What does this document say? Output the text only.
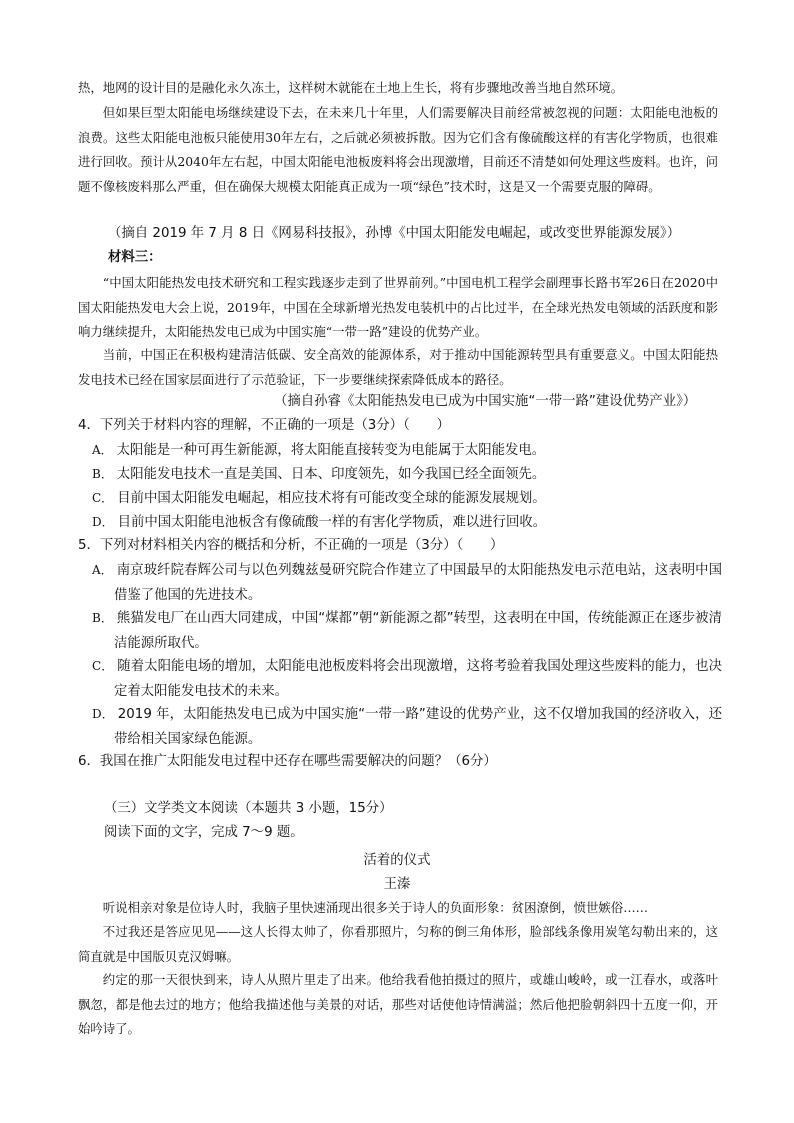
热，地网的设计目的是融化永久冻土，这样树木就能在土地上生长，将有步骤地改善当地自然环境。

但如果巨型太阳能电场继续建设下去，在未来几十年里，人们需要解决目前经常被忽视的问题：太阳能电池板的浪费。这些太阳能电池板只能使用30年左右，之后就必须被拆散。因为它们含有像硫酸这样的有害化学物质，也很难进行回收。预计从2040年左右起，中国太阳能电池板废料将会出现激增，目前还不清楚如何处理这些废料。也许，问题不像核废料那么严重，但在确保大规模太阳能真正成为一项“绿色”技术时，这是又一个需要克服的障碍。

（摘自 2019 年 7 月 8 日《网易科技报》，孙博《中国太阳能发电崛起，或改变世界能源发展》）

材料三：

“中国太阳能热发电技术研究和工程实践逐步走到了世界前列。”中国电机工程学会副理事长路书军26日在2020中国太阳能热发电大会上说，2019年，中国在全球新增光热发电装机中的占比过半，在全球光热发电领域的活跃度和影响力继续提升，太阳能热发电已成为中国实施“一带一路”建设的优势产业。

当前，中国正在积极构建清洁低碳、安全高效的能源体系，对于推动中国能源转型具有重要意义。中国太阳能热发电技术已经在国家层面进行了示范验证，下一步要继续探索降低成本的路径。

（摘自孙睿《太阳能热发电已成为中国实施“一带一路”建设优势产业》）

4．下列关于材料内容的理解，不正确的一项是（3分）（　　）

A． 太阳能是一种可再生新能源，将太阳能直接转变为电能属于太阳能发电。

B． 太阳能发电技术一直是美国、日本、印度领先，如今我国已经全面领先。

C． 目前中国太阳能发电崛起，相应技术将有可能改变全球的能源发展规划。

D． 目前中国太阳能电池板含有像硫酸一样的有害化学物质，难以进行回收。

5．下列对材料相关内容的概括和分析，不正确的一项是（3分）（　　）

A． 南京玻纤院春辉公司与以色列魏兹曼研究院合作建立了中国最早的太阳能热发电示范电站，这表明中国借鉴了他国的先进技术。

B． 熊猫发电厂在山西大同建成，中国“煤都”朝“新能源之都”转型，这表明在中国，传统能源正在逐步被清洁能源所取代。

C． 随着太阳能电场的增加，太阳能电池板废料将会出现激增，这将考验着我国处理这些废料的能力，也决定着太阳能发电技术的未来。

D． 2019 年，太阳能热发电已成为中国实施“一带一路”建设的优势产业，这不仅增加我国的经济收入，还带给相关国家绿色能源。

6．我国在推广太阳能发电过程中还存在哪些需要解决的问题？（6分）

（三）文学类文本阅读（本题共 3 小题，15分）

阅读下面的文字，完成 7～9 题。

活着的仪式

王溱

听说相亲对象是位诗人时，我脑子里快速涌现出很多关于诗人的负面形象：贫困潦倒，愤世嫉俗……

不过我还是答应见见——这人长得太帅了，你看那照片，匀称的倒三角体形，脸部线条像用炭笔勾勒出来的，这简直就是中国版贝克汉姆嘛。

约定的那一天很快到来，诗人从照片里走了出来。他给我看他拍摄过的照片，或雄山峻岭，或一江春水，或落叶飘忽，都是他去过的地方；他给我描述他与美景的对话，那些对话使他诗情满溢；然后他把脸朝斜四十五度一仰，开始吟诗了。
